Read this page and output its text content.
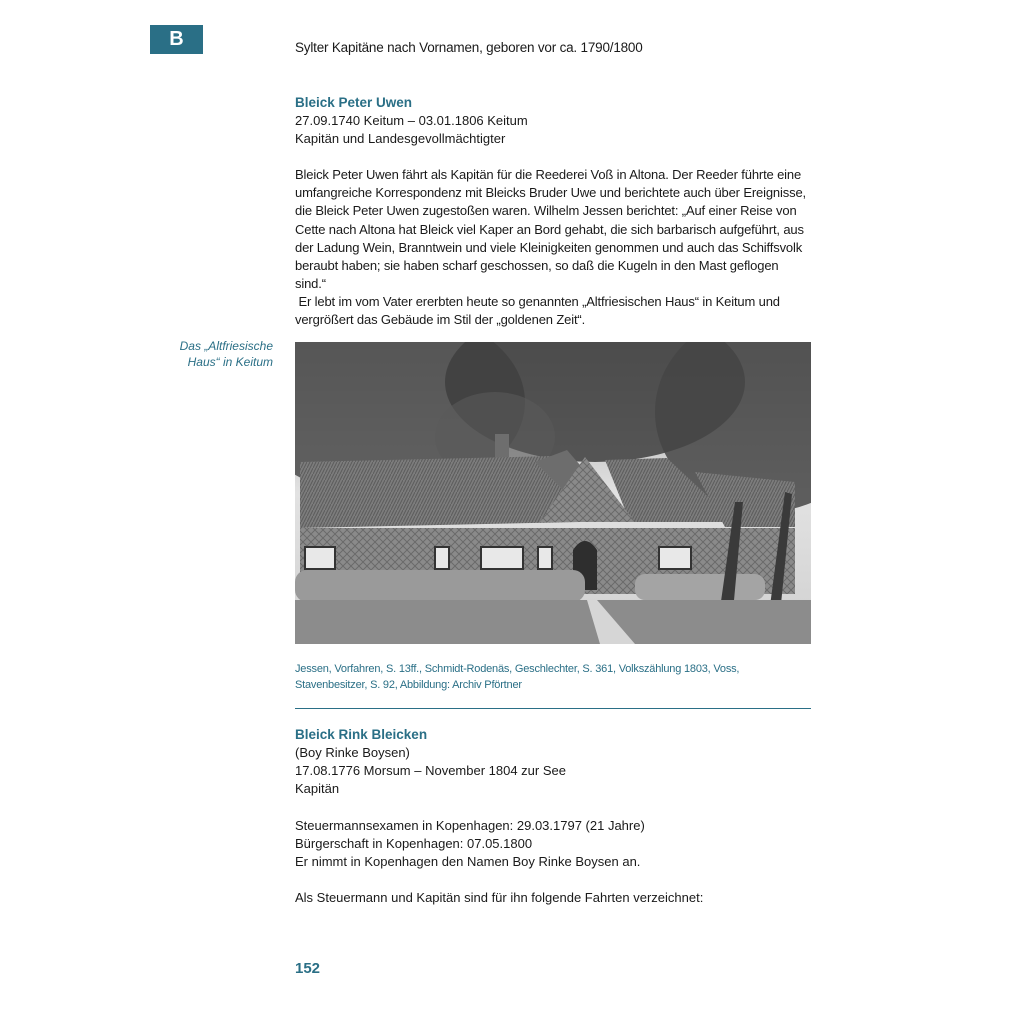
B	Sylter Kapitäne nach Vornamen, geboren vor ca. 1790/1800
Bleick Peter Uwen
27.09.1740 Keitum – 03.01.1806 Keitum
Kapitän und Landesgevollmächtigter
Bleick Peter Uwen fährt als Kapitän für die Reederei Voß in Altona. Der Reeder führte eine umfangreiche Korrespondenz mit Bleicks Bruder Uwe und berichtete auch über Ereignisse, die Bleick Peter Uwen zugestoßen waren. Wilhelm Jessen berichtet: „Auf einer Reise von Cette nach Altona hat Bleick viel Kaper an Bord gehabt, die sich barbarisch aufgeführt, aus der Ladung Wein, Branntwein und viele Kleinigkeiten genommen und auch das Schiffsvolk beraubt haben; sie haben scharf geschossen, so daß die Kugeln in den Mast geflogen sind.“
Er lebt im vom Vater ererbten heute so genannten „Altfriesischen Haus“ in Keitum und vergrößert das Gebäude im Stil der „goldenen Zeit“.
Das „Altfriesische Haus“ in Keitum
Jessen, Vorfahren, S. 13ff., Schmidt-Rodenäs, Geschlechter, S. 361, Volkszählung 1803, Voss, Stavenbesitzer, S. 92, Abbildung: Archiv Pförtner
Bleick Rink Bleicken
(Boy Rinke Boysen)
17.08.1776 Morsum – November 1804 zur See
Kapitän
Steuermannsexamen in Kopenhagen: 29.03.1797 (21 Jahre)
Bürgerschaft in Kopenhagen: 07.05.1800
Er nimmt in Kopenhagen den Namen Boy Rinke Boysen an.
Als Steuermann und Kapitän sind für ihn folgende Fahrten verzeichnet:
152
